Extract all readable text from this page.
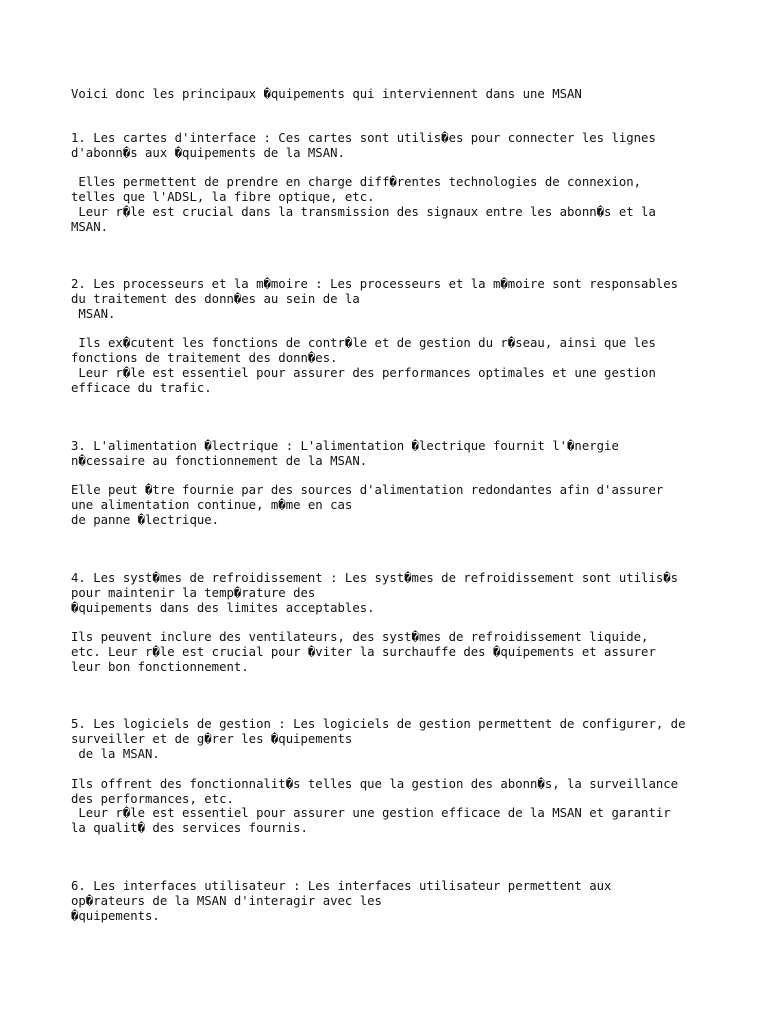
Voici donc les principaux �quipements qui interviennent dans une MSAN
1. Les cartes d'interface : Ces cartes sont utilis�es pour connecter les lignes
d'abonn�s aux �quipements de la MSAN.
Elles permettent de prendre en charge diff�rentes technologies de connexion,
telles que l'ADSL, la fibre optique, etc.
Leur r�le est crucial dans la transmission des signaux entre les abonn�s et la
MSAN.
2. Les processeurs et la m�moire : Les processeurs et la m�moire sont responsables
du traitement des donn�es au sein de la
MSAN.
Ils ex�cutent les fonctions de contr�le et de gestion du r�seau, ainsi que les
fonctions de traitement des donn�es.
Leur r�le est essentiel pour assurer des performances optimales et une gestion
efficace du trafic.
3. L'alimentation �lectrique : L'alimentation �lectrique fournit l'�nergie
n�cessaire au fonctionnement de la MSAN.
Elle peut �tre fournie par des sources d'alimentation redondantes afin d'assurer
une alimentation continue, m�me en cas
de panne �lectrique.
4. Les syst�mes de refroidissement : Les syst�mes de refroidissement sont utilis�s
pour maintenir la temp�rature des
�quipements dans des limites acceptables.
Ils peuvent inclure des ventilateurs, des syst�mes de refroidissement liquide,
etc. Leur r�le est crucial pour �viter la surchauffe des �quipements et assurer
leur bon fonctionnement.
5. Les logiciels de gestion : Les logiciels de gestion permettent de configurer, de
surveiller et de g�rer les �quipements
de la MSAN.
Ils offrent des fonctionnalit�s telles que la gestion des abonn�s, la surveillance
des performances, etc.
Leur r�le est essentiel pour assurer une gestion efficace de la MSAN et garantir
la qualit� des services fournis.
6. Les interfaces utilisateur : Les interfaces utilisateur permettent aux
op�rateurs de la MSAN d'interagir avec les
�quipements.
